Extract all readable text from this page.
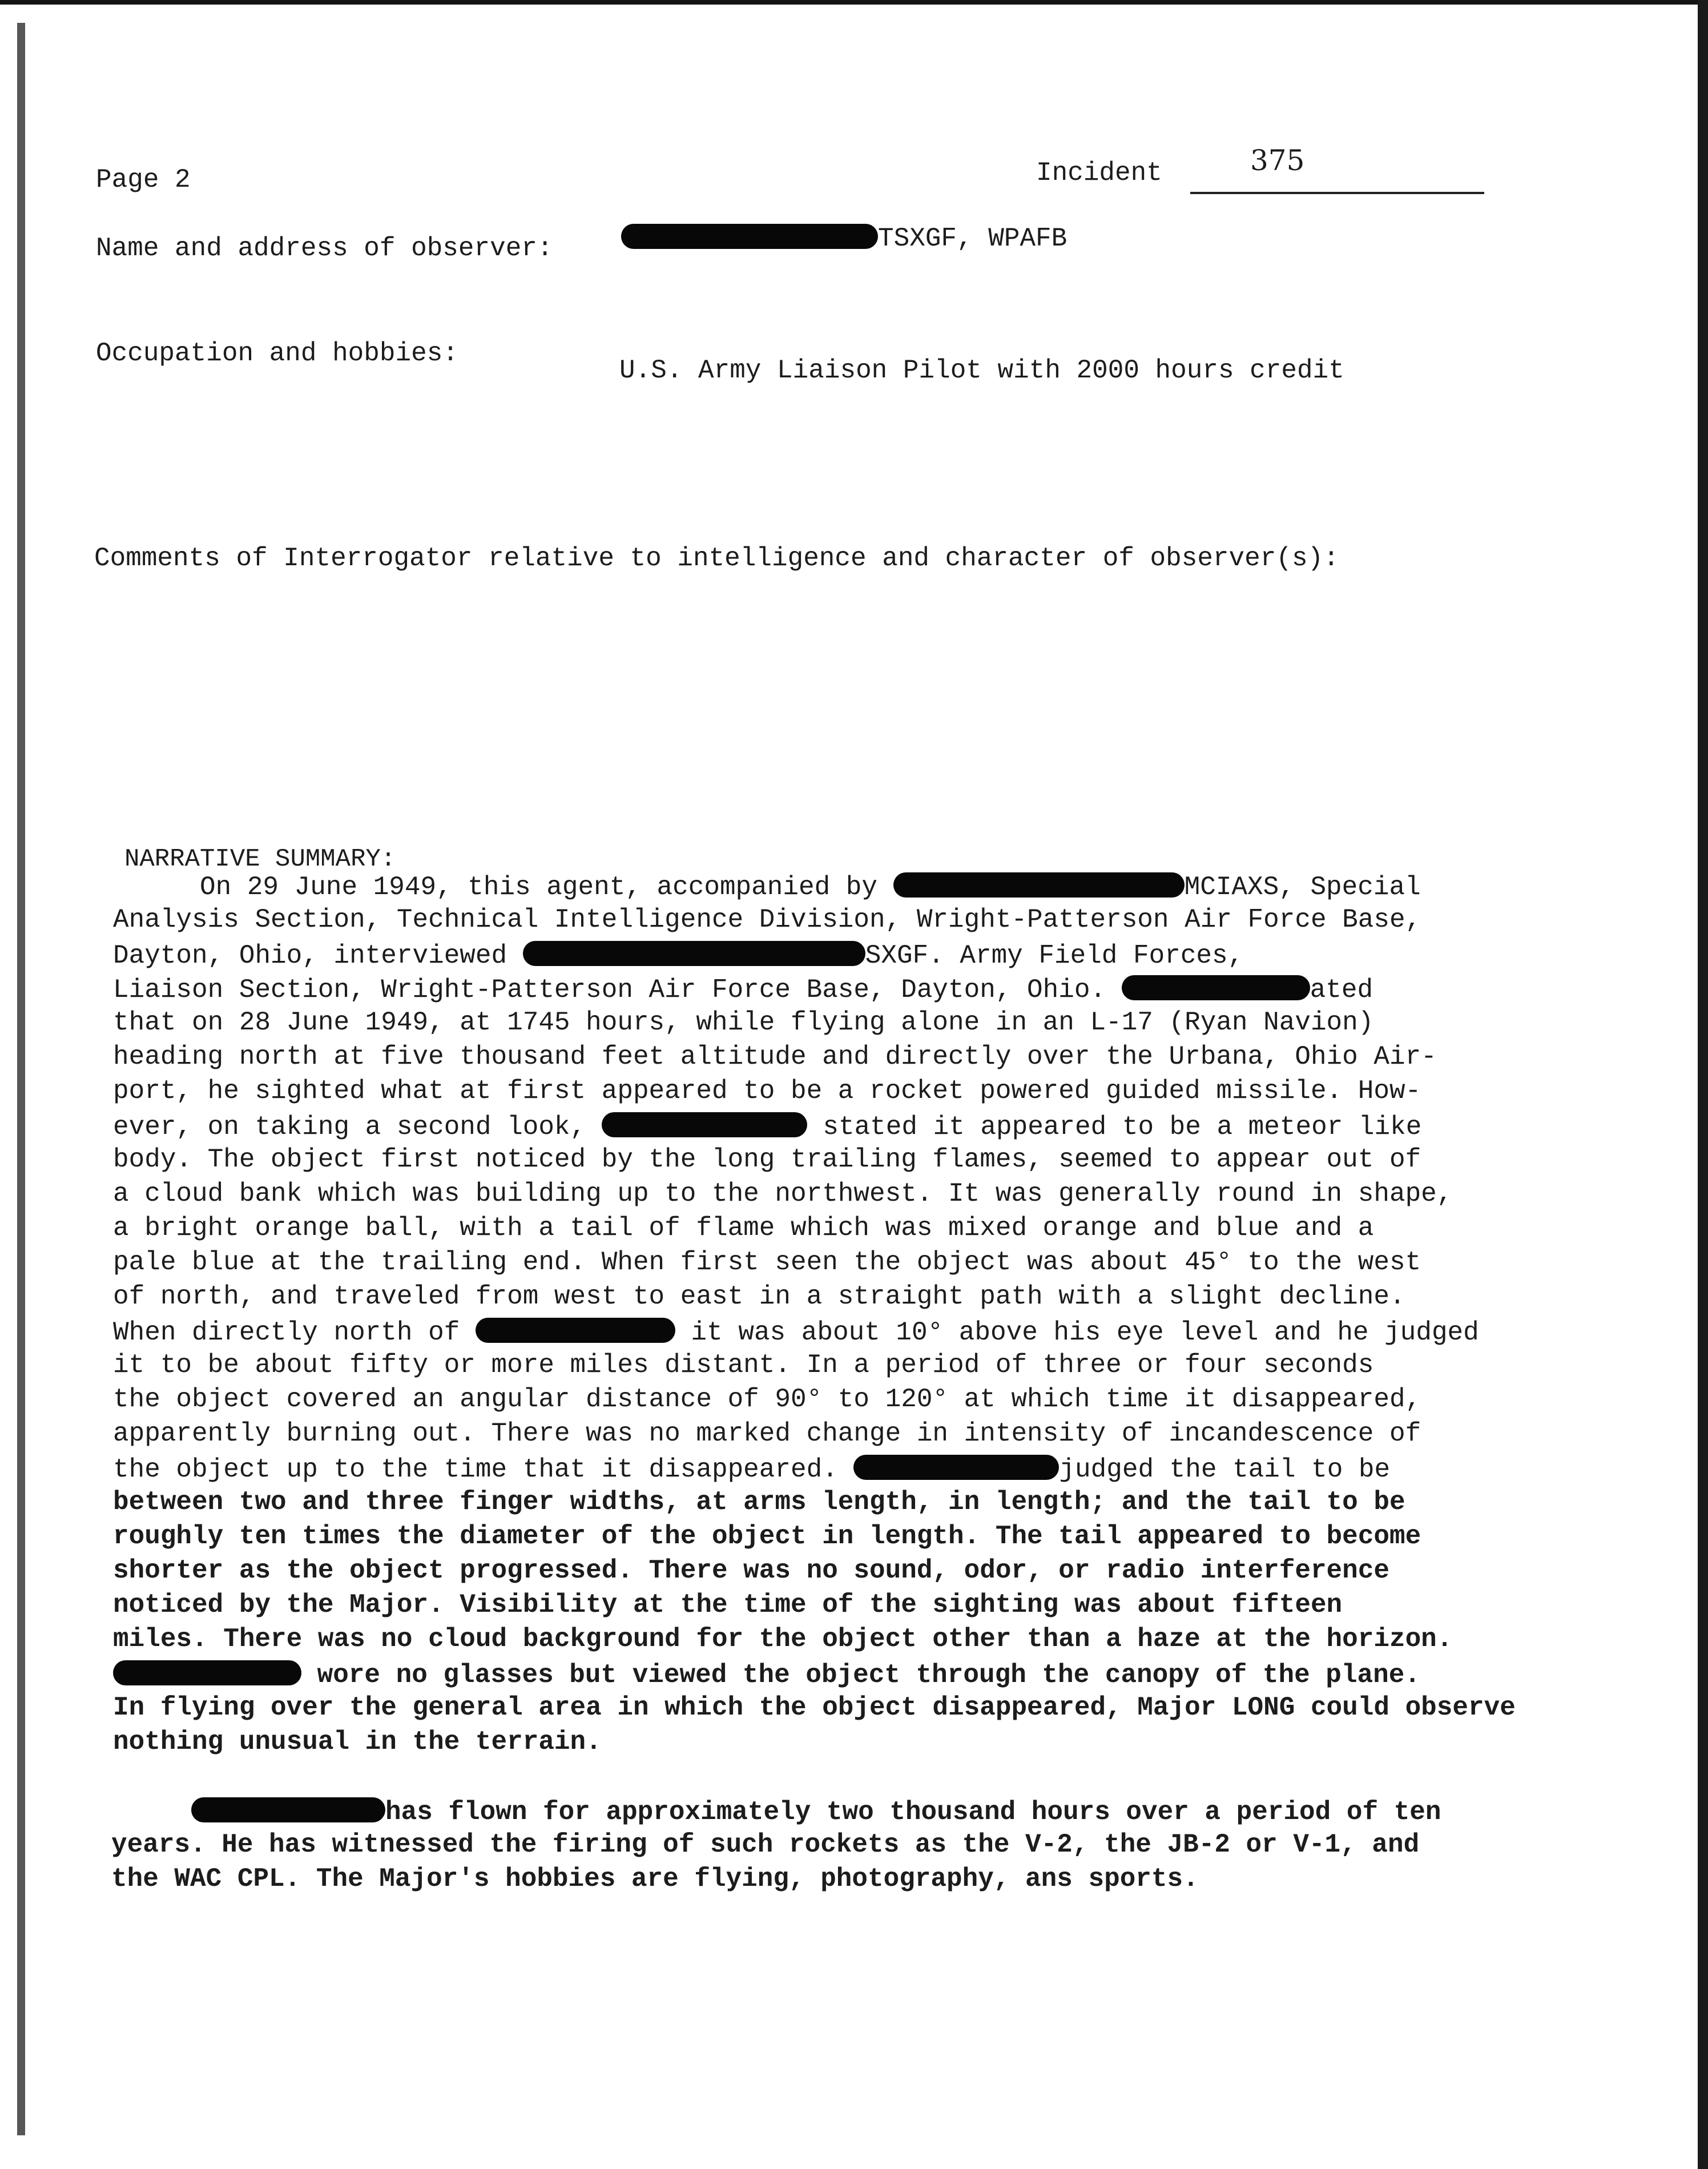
Page 2	Incident	375
Name and address of observer:	TSXGF, WPAFB
Occupation and hobbies:
U.S. Army Liaison Pilot with 2000 hours credit
Comments of Interrogator relative to intelligence and character of observer(s):
NARRATIVE SUMMARY:
On 29 June 1949, this agent, accompanied by	MCIAXS, Special
Analysis Section, Technical Intelligence Division, Wright-Patterson Air Force Base,
Dayton, Ohio, interviewed	SXGF. Army Field Forces,
Liaison Section, Wright-Patterson Air Force Base, Dayton, Ohio.	ated
that on 28 June 1949, at 1745 hours, while flying alone in an L-17 (Ryan Navion)
heading north at five thousand feet altitude and directly over the Urbana, Ohio Air-
port, he sighted what at first appeared to be a rocket powered guided missile. How-
ever, on taking a second look,	stated it appeared to be a meteor like
body. The object first noticed by the long trailing flames, seemed to appear out of
a cloud bank which was building up to the northwest. It was generally round in shape,
a bright orange ball, with a tail of flame which was mixed orange and blue and a
pale blue at the trailing end. When first seen the object was about 45° to the west
of north, and traveled from west to east in a straight path with a slight decline.
When directly north of	it was about 10° above his eye level and he judged
it to be about fifty or more miles distant. In a period of three or four seconds
the object covered an angular distance of 90° to 120° at which time it disappeared,
apparently burning out. There was no marked change in intensity of incandescence of
the object up to the time that it disappeared.	judged the tail to be
between two and three finger widths, at arms length, in length; and the tail to be
roughly ten times the diameter of the object in length. The tail appeared to become
shorter as the object progressed. There was no sound, odor, or radio interference
noticed by the Major. Visibility at the time of the sighting was about fifteen
miles. There was no cloud background for the object other than a haze at the horizon.
wore no glasses but viewed the object through the canopy of the plane.
In flying over the general area in which the object disappeared, Major LONG could observe
nothing unusual in the terrain.
has flown for approximately two thousand hours over a period of ten
years. He has witnessed the firing of such rockets as the V-2, the JB-2 or V-1, and
the WAC CPL. The Major's hobbies are flying, photography, ans sports.
